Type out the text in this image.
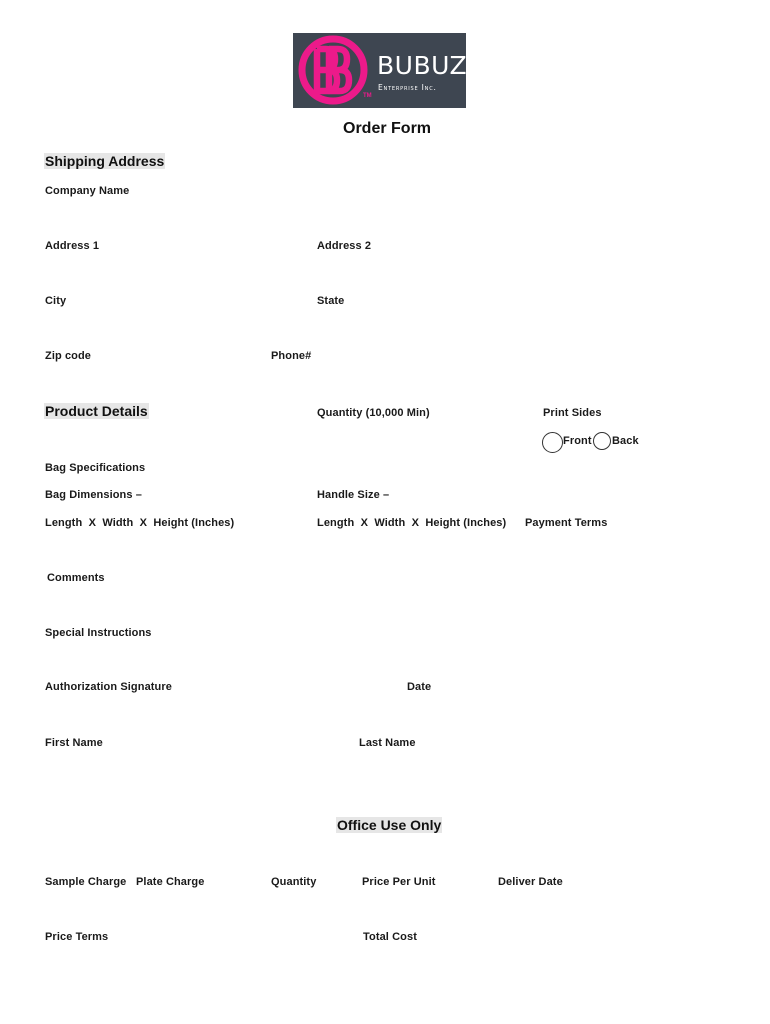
BUBUZ
Enterprise Inc.
TM
Order Form
Shipping Address
Company Name
Address 1	Address 2
City	State
Zip code	Phone#
Product Details	Quantity (10,000 Min)	Print Sides
Front Back
Bag Specifications
Bag Dimensions –	Handle Size –
Length  X  Width  X  Height (Inches)	Length  X  Width  X  Height (Inches) Payment Terms
Comments
Special Instructions
Authorization Signature	Date
First Name	Last Name
Office Use Only
Sample Charge Plate Charge	Quantity	Price Per Unit	Deliver Date
Price Terms	Total Cost
